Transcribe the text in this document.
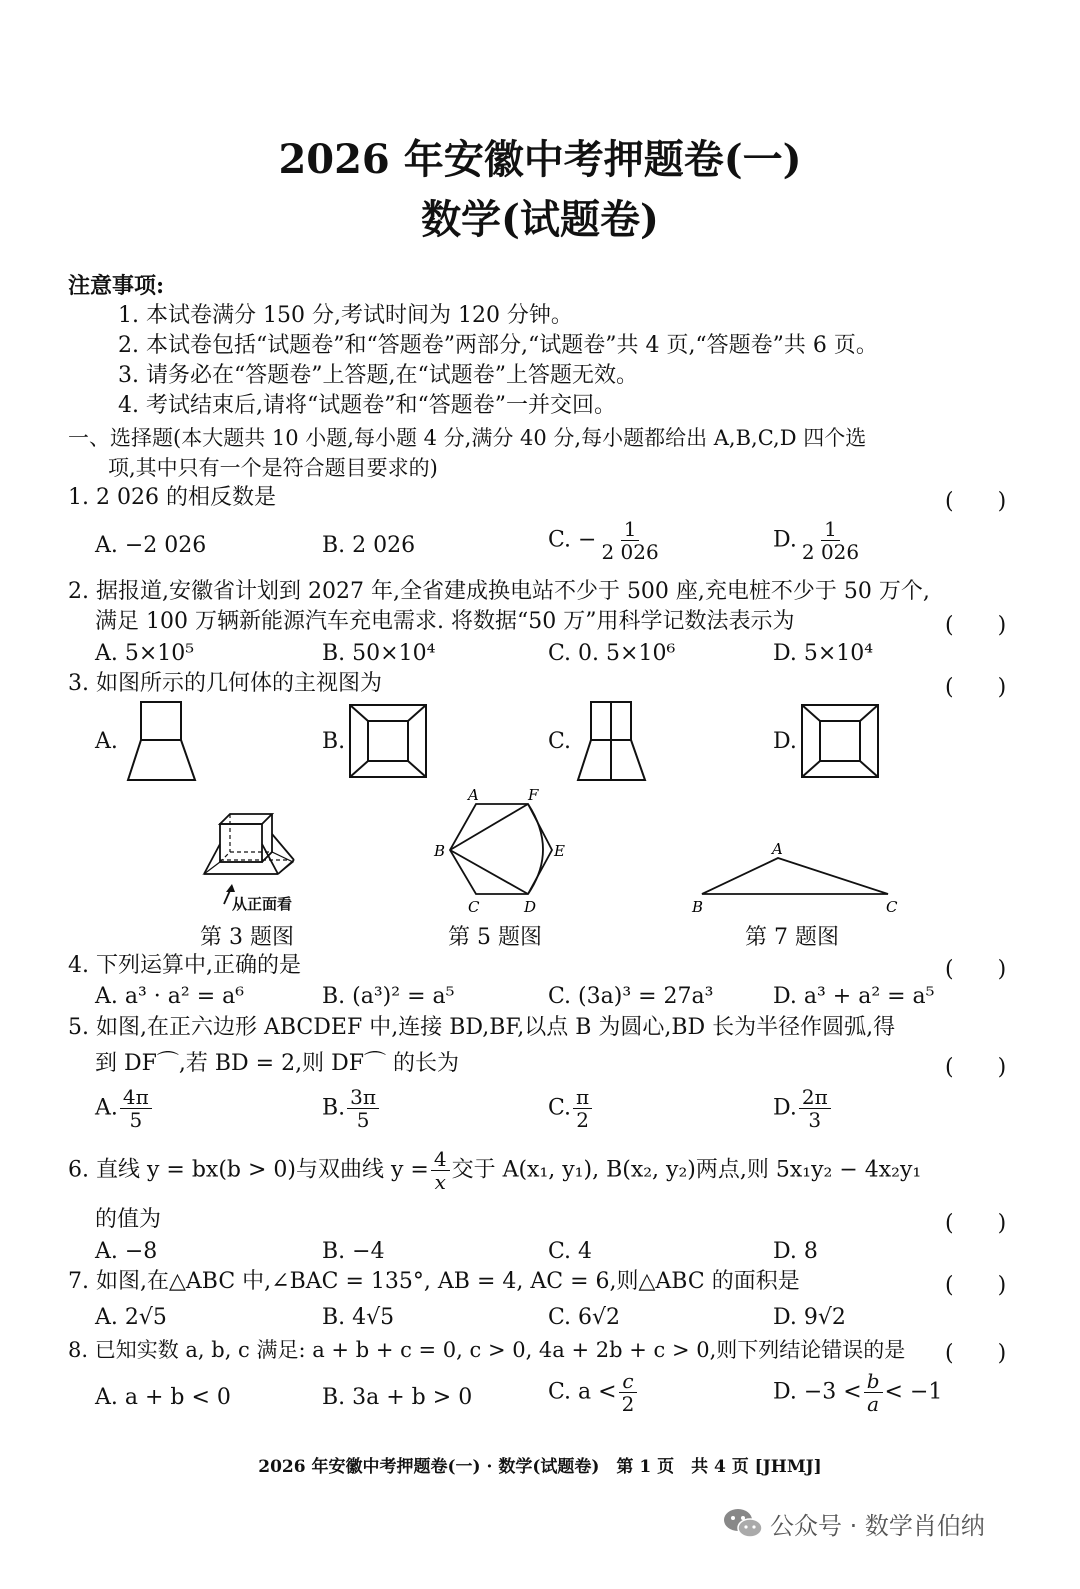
2026 年安徽中考押题卷(一)
数学(试题卷)
注意事项:
1. 本试卷满分 150 分,考试时间为 120 分钟。
2. 本试卷包括“试题卷”和“答题卷”两部分,“试题卷”共 4 页,“答题卷”共 6 页。
3. 请务必在“答题卷”上答题,在“试题卷”上答题无效。
4. 考试结束后,请将“试题卷”和“答题卷”一并交回。
一、选择题(本大题共 10 小题,每小题 4 分,满分 40 分,每小题都给出 A,B,C,D 四个选
项,其中只有一个是符合题目要求的)
1. 2 026 的相反数是	(　　)
A. −2 026	B. 2 026	C. − $\frac{1}{2 026}$	D. $\frac{1}{2 026}$
2. 据报道,安徽省计划到 2027 年,全省建成换电站不少于 500 座,充电桩不少于 50 万个,
满足 100 万辆新能源汽车充电需求. 将数据“50 万”用科学记数法表示为	(　　)
A. 5×10⁵	B. 50×10⁴	C. 0. 5×10⁶	D. 5×10⁴
3. 如图所示的几何体的主视图为	(　　)
A.	B.	C.	D.
从正面看
第 3 题图
A	F
B	E
C	D
第 5 题图
A
B	C
第 7 题图
4. 下列运算中,正确的是	(　　)
A. a³ · a² = a⁶	B. (a³)² = a⁵	C. (3a)³ = 27a³	D. a³ + a² = a⁵
5. 如图,在正六边形 ABCDEF 中,连接 BD,BF,以点 B 为圆心,BD 长为半径作圆弧,得
到 DF⌒,若 BD = 2,则 DF⌒ 的长为	(　　)
A. $\frac{4\pi}{5}$	B. $\frac{3\pi}{5}$	C. $\frac{\pi}{2}$	D. $\frac{2\pi}{3}$
6. 直线 y = bx(b > 0)与双曲线 $y = \frac{4}{x}$ 交于 A(x₁, y₁), B(x₂, y₂)两点,则 5x₁y₂ − 4x₂y₁
的值为	(　　)
A. −8	B. −4	C. 4	D. 8
7. 如图,在△ABC 中,∠BAC = 135°, AB = 4, AC = 6,则△ABC 的面积是	(　　)
A. 2√5	B. 4√5	C. 6√2	D. 9√2
8. 已知实数 a, b, c 满足: a + b + c = 0, c > 0, 4a + 2b + c > 0,则下列结论错误的是 (　　)
A. a + b < 0	B. 3a + b > 0	C. $a < \frac{c}{2}$	D. $-3 < \frac{b}{a} < -1$
2026 年安徽中考押题卷(一) · 数学(试题卷)　第 1 页　共 4 页 [JHMJ]
公众号 · 数学肖伯纳
